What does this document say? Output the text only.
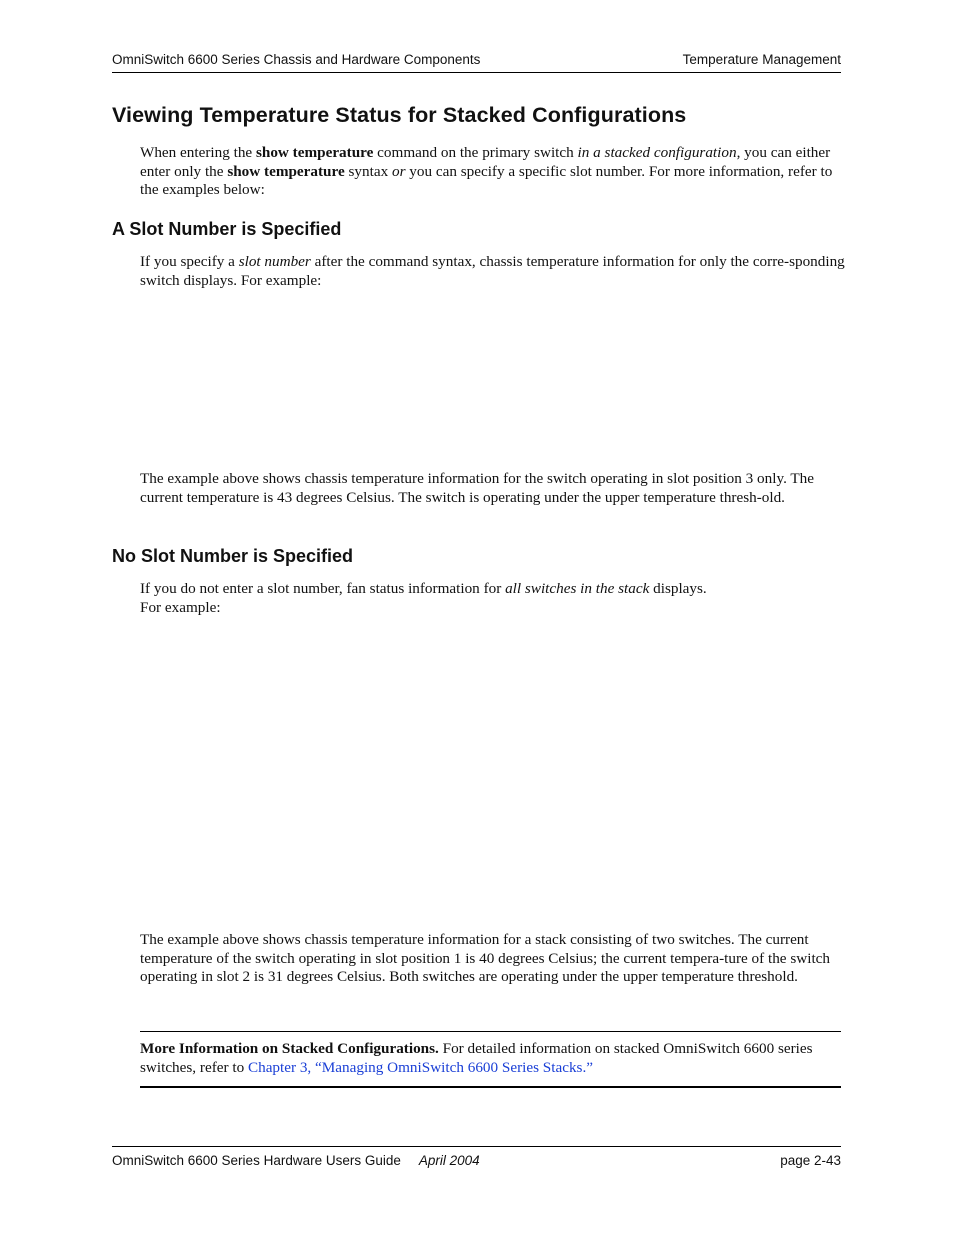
OmniSwitch 6600 Series Chassis and Hardware Components	Temperature Management
Viewing Temperature Status for Stacked Configurations
When entering the show temperature command on the primary switch in a stacked configuration, you can either enter only the show temperature syntax or you can specify a specific slot number. For more information, refer to the examples below:
A Slot Number is Specified
If you specify a slot number after the command syntax, chassis temperature information for only the corre-sponding switch displays. For example:
The example above shows chassis temperature information for the switch operating in slot position 3 only. The current temperature is 43 degrees Celsius. The switch is operating under the upper temperature thresh-old.
No Slot Number is Specified
If you do not enter a slot number, fan status information for all switches in the stack displays.
For example:
The example above shows chassis temperature information for a stack consisting of two switches. The current temperature of the switch operating in slot position 1 is 40 degrees Celsius; the current tempera-ture of the switch operating in slot 2 is 31 degrees Celsius. Both switches are operating under the upper temperature threshold.
More Information on Stacked Configurations. For detailed information on stacked OmniSwitch 6600 series switches, refer to Chapter 3, “Managing OmniSwitch 6600 Series Stacks.”
OmniSwitch 6600 Series Hardware Users Guide April 2004	page 2-43
